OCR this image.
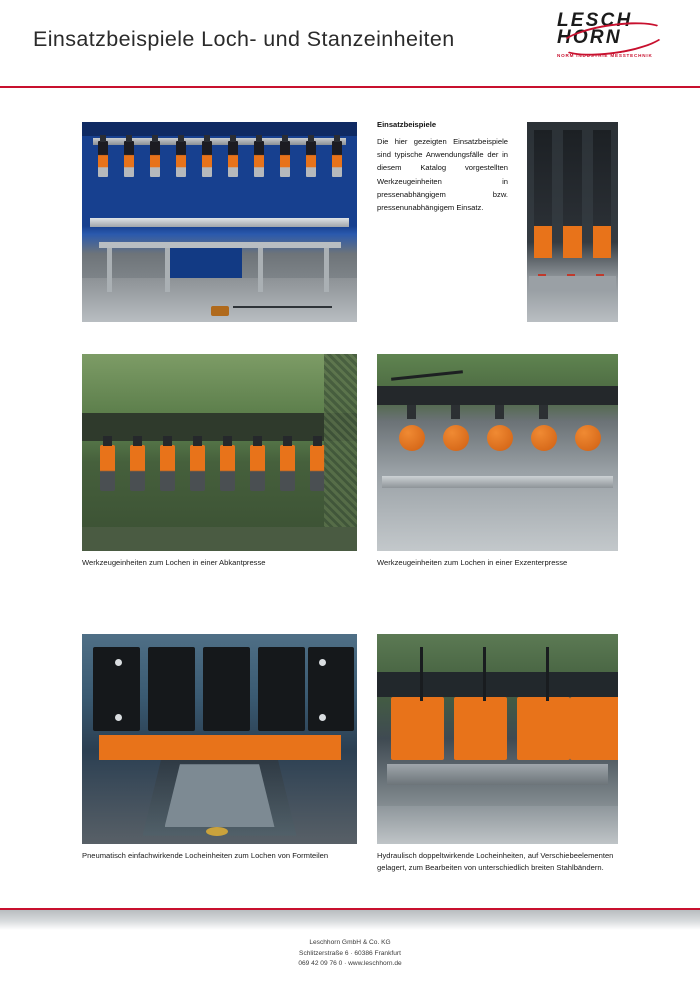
Einsatzbeispiele Loch- und Stanzeinheiten
LESCH
HORN
NORM INDUSTRIE MESSTECHNIK
Einsatzbeispiele
Die hier gezeigten Einsatzbeispiele sind typische Anwendungsfälle der in diesem Katalog vorgestellten Werkzeugeinheiten in pressenabhängigem bzw. pressenunabhängigem Einsatz.
Werkzeugeinheiten zum Lochen in einer Abkantpresse	Werkzeugeinheiten zum Lochen in einer Exzenterpresse
Pneumatisch einfachwirkende Locheinheiten zum Lochen von Formteilen	Hydraulisch doppeltwirkende Locheinheiten, auf Verschiebeelementen gelagert, zum Bearbeiten von unterschiedlich breiten Stahlbändern.
Leschhorn GmbH & Co. KG
Schlitzerstraße 6 · 60386 Frankfurt
069 42 09 76 0 · www.leschhorn.de
